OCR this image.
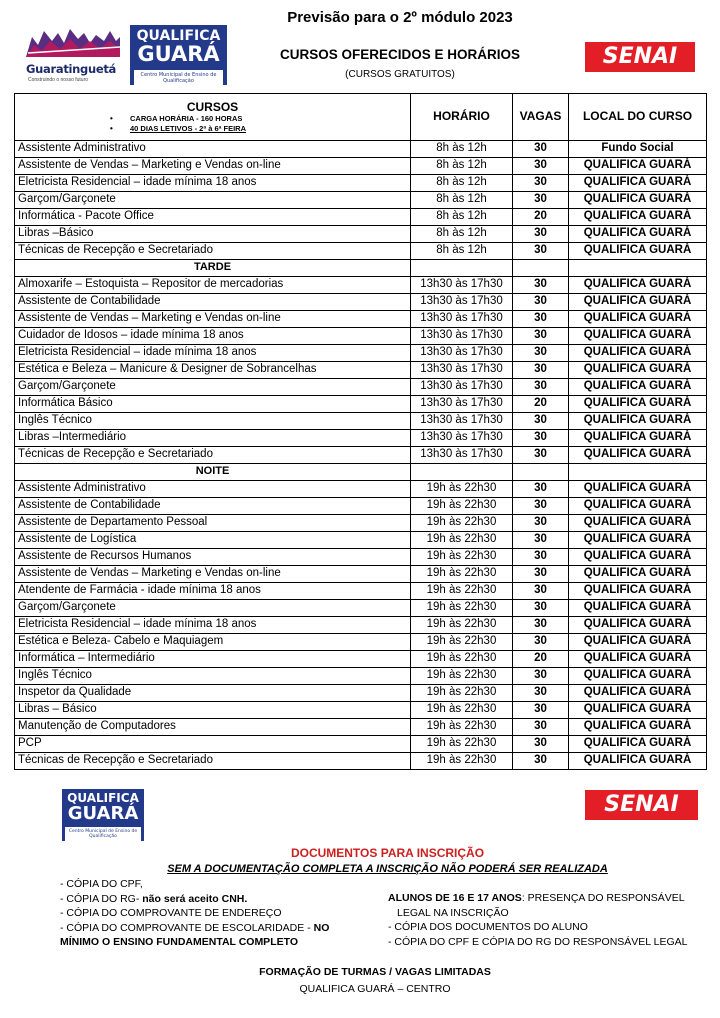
Previsão para o 2º módulo 2023
CURSOS OFERECIDOS E HORÁRIOS
(CURSOS GRATUITOS)
Guaratinguetá
Construindo o nosso futuro
QUALIFICA
GUARÁ
Centro Municipal de Ensino de Qualificação
SENAI
CURSOS
• CARGA HORÁRIA - 160 HORAS
• 40 DIAS LETIVOS - 2ª à 6ª FEIRA	HORÁRIO	VAGAS	LOCAL DO CURSO
Assistente Administrativo	8h às 12h	30	Fundo Social
Assistente de Vendas – Marketing e Vendas on-line	8h às 12h	30	QUALIFICA GUARÁ
Eletricista Residencial – idade mínima 18 anos	8h às 12h	30	QUALIFICA GUARÁ
Garçom/Garçonete	8h às 12h	30	QUALIFICA GUARÁ
Informática - Pacote Office	8h às 12h	20	QUALIFICA GUARÁ
Libras –Básico	8h às 12h	30	QUALIFICA GUARÁ
Técnicas de Recepção e Secretariado	8h às 12h	30	QUALIFICA GUARÁ
TARDE			
Almoxarife – Estoquista – Repositor de mercadorias	13h30 às 17h30	30	QUALIFICA GUARÁ
Assistente de Contabilidade	13h30 às 17h30	30	QUALIFICA GUARÁ
Assistente de Vendas – Marketing e Vendas on-line	13h30 às 17h30	30	QUALIFICA GUARÁ
Cuidador de Idosos – idade mínima 18 anos	13h30 às 17h30	30	QUALIFICA GUARÁ
Eletricista Residencial – idade mínima 18 anos	13h30 às 17h30	30	QUALIFICA GUARÁ
Estética e Beleza – Manicure & Designer de Sobrancelhas	13h30 às 17h30	30	QUALIFICA GUARÁ
Garçom/Garçonete	13h30 às 17h30	30	QUALIFICA GUARÁ
Informática Básico	13h30 às 17h30	20	QUALIFICA GUARÁ
Inglês Técnico	13h30 às 17h30	30	QUALIFICA GUARÁ
Libras –Intermediário	13h30 às 17h30	30	QUALIFICA GUARÁ
Técnicas de Recepção e Secretariado	13h30 às 17h30	30	QUALIFICA GUARÁ
NOITE			
Assistente Administrativo	19h às 22h30	30	QUALIFICA GUARÁ
Assistente de Contabilidade	19h às 22h30	30	QUALIFICA GUARÁ
Assistente de Departamento Pessoal	19h às 22h30	30	QUALIFICA GUARÁ
Assistente de Logística	19h às 22h30	30	QUALIFICA GUARÁ
Assistente de Recursos Humanos	19h às 22h30	30	QUALIFICA GUARÁ
Assistente de Vendas – Marketing e Vendas on-line	19h às 22h30	30	QUALIFICA GUARÁ
Atendente de Farmácia - idade mínima 18 anos	19h às 22h30	30	QUALIFICA GUARÁ
Garçom/Garçonete	19h às 22h30	30	QUALIFICA GUARÁ
Eletricista Residencial – idade mínima 18 anos	19h às 22h30	30	QUALIFICA GUARÁ
Estética e Beleza- Cabelo e Maquiagem	19h às 22h30	30	QUALIFICA GUARÁ
Informática – Intermediário	19h às 22h30	20	QUALIFICA GUARÁ
Inglês Técnico	19h às 22h30	30	QUALIFICA GUARÁ
Inspetor da Qualidade	19h às 22h30	30	QUALIFICA GUARÁ
Libras – Básico	19h às 22h30	30	QUALIFICA GUARÁ
Manutenção de Computadores	19h às 22h30	30	QUALIFICA GUARÁ
PCP	19h às 22h30	30	QUALIFICA GUARÁ
Técnicas de Recepção e Secretariado	19h às 22h30	30	QUALIFICA GUARÁ
QUALIFICA
GUARÁ
Centro Municipal de Ensino de Qualificação
SENAI
DOCUMENTOS PARA INSCRIÇÃO
SEM A DOCUMENTAÇÃO COMPLETA A INSCRIÇÃO NÃO PODERÁ SER REALIZADA
- CÓPIA DO CPF,
- CÓPIA DO RG- não será aceito CNH.
- CÓPIA DO COMPROVANTE DE ENDEREÇO
- CÓPIA DO COMPROVANTE DE ESCOLARIDADE - NO
MÍNIMO O ENSINO FUNDAMENTAL COMPLETO
ALUNOS DE 16 E 17 ANOS: PRESENÇA DO RESPONSÁVEL
LEGAL NA INSCRIÇÃO
- CÓPIA DOS DOCUMENTOS DO ALUNO
- CÓPIA DO CPF E CÓPIA DO RG DO RESPONSÁVEL LEGAL
FORMAÇÃO DE TURMAS / VAGAS LIMITADAS
QUALIFICA GUARÁ – CENTRO
